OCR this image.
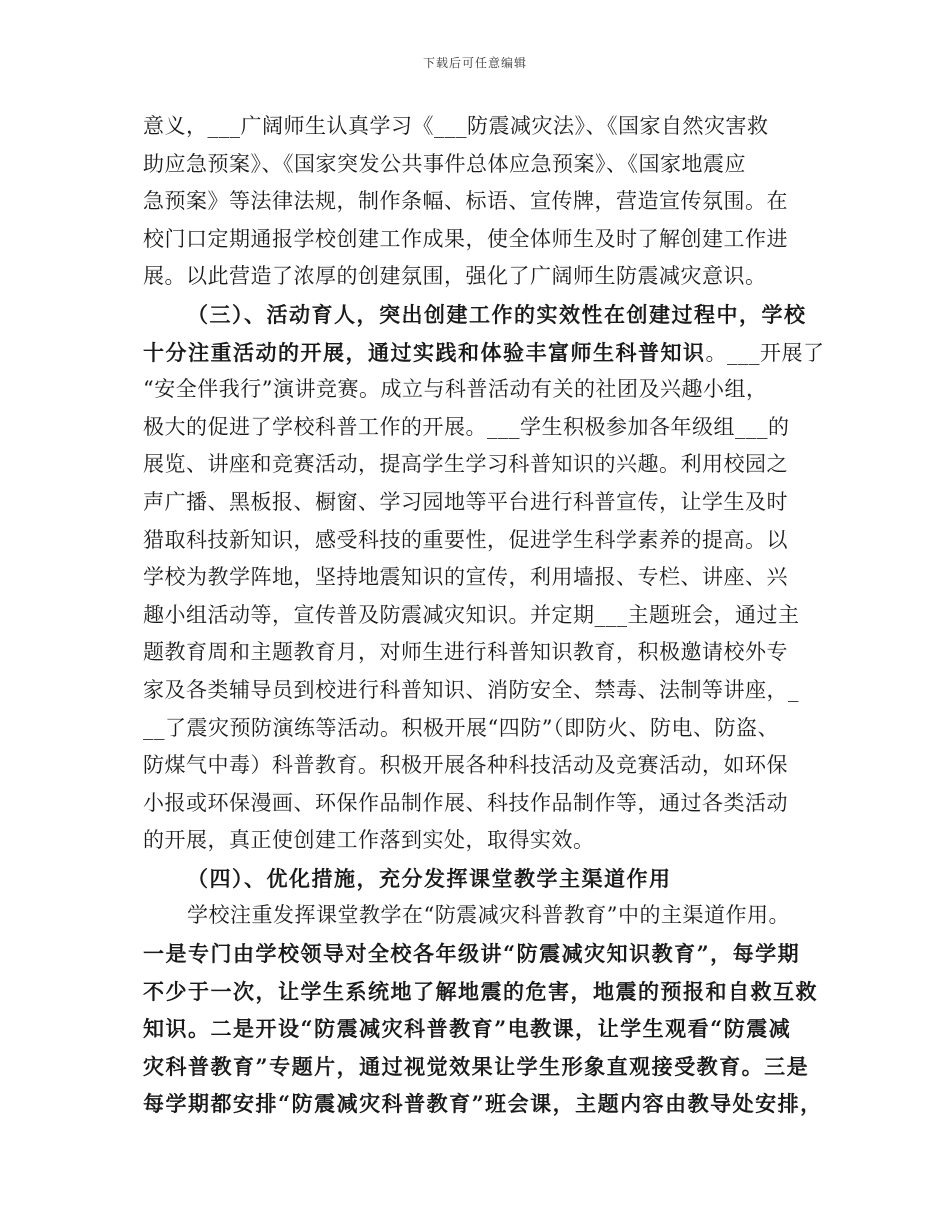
下载后可任意编辑
意义，___广阔师生认真学习《___防震减灾法》、《国家自然灾害救
助应急预案》、《国家突发公共事件总体应急预案》、《国家地震应
急预案》等法律法规，制作条幅、标语、宣传牌，营造宣传氛围。在
校门口定期通报学校创建工作成果，使全体师生及时了解创建工作进
展。以此营造了浓厚的创建氛围，强化了广阔师生防震减灾意识。
（三）、活动育人，突出创建工作的实效性在创建过程中，学校
十分注重活动的开展，通过实践和体验丰富师生科普知识。___开展了
“安全伴我行”演讲竞赛。成立与科普活动有关的社团及兴趣小组，
极大的促进了学校科普工作的开展。___学生积极参加各年级组___的
展览、讲座和竞赛活动，提高学生学习科普知识的兴趣。利用校园之
声广播、黑板报、橱窗、学习园地等平台进行科普宣传，让学生及时
猎取科技新知识，感受科技的重要性，促进学生科学素养的提高。以
学校为教学阵地，坚持地震知识的宣传，利用墙报、专栏、讲座、兴
趣小组活动等，宣传普及防震减灾知识。并定期___主题班会，通过主
题教育周和主题教育月，对师生进行科普知识教育，积极邀请校外专
家及各类辅导员到校进行科普知识、消防安全、禁毒、法制等讲座，_
__了震灾预防演练等活动。积极开展“四防”（即防火、防电、防盗、
防煤气中毒）科普教育。积极开展各种科技活动及竞赛活动，如环保
小报或环保漫画、环保作品制作展、科技作品制作等，通过各类活动
的开展，真正使创建工作落到实处，取得实效。
（四）、优化措施，充分发挥课堂教学主渠道作用
学校注重发挥课堂教学在“防震减灾科普教育”中的主渠道作用。
一是专门由学校领导对全校各年级讲“防震减灾知识教育”，每学期
不少于一次，让学生系统地了解地震的危害，地震的预报和自救互救
知识。二是开设“防震减灾科普教育”电教课，让学生观看“防震减
灾科普教育”专题片，通过视觉效果让学生形象直观接受教育。三是
每学期都安排“防震减灾科普教育”班会课，主题内容由教导处安排，
